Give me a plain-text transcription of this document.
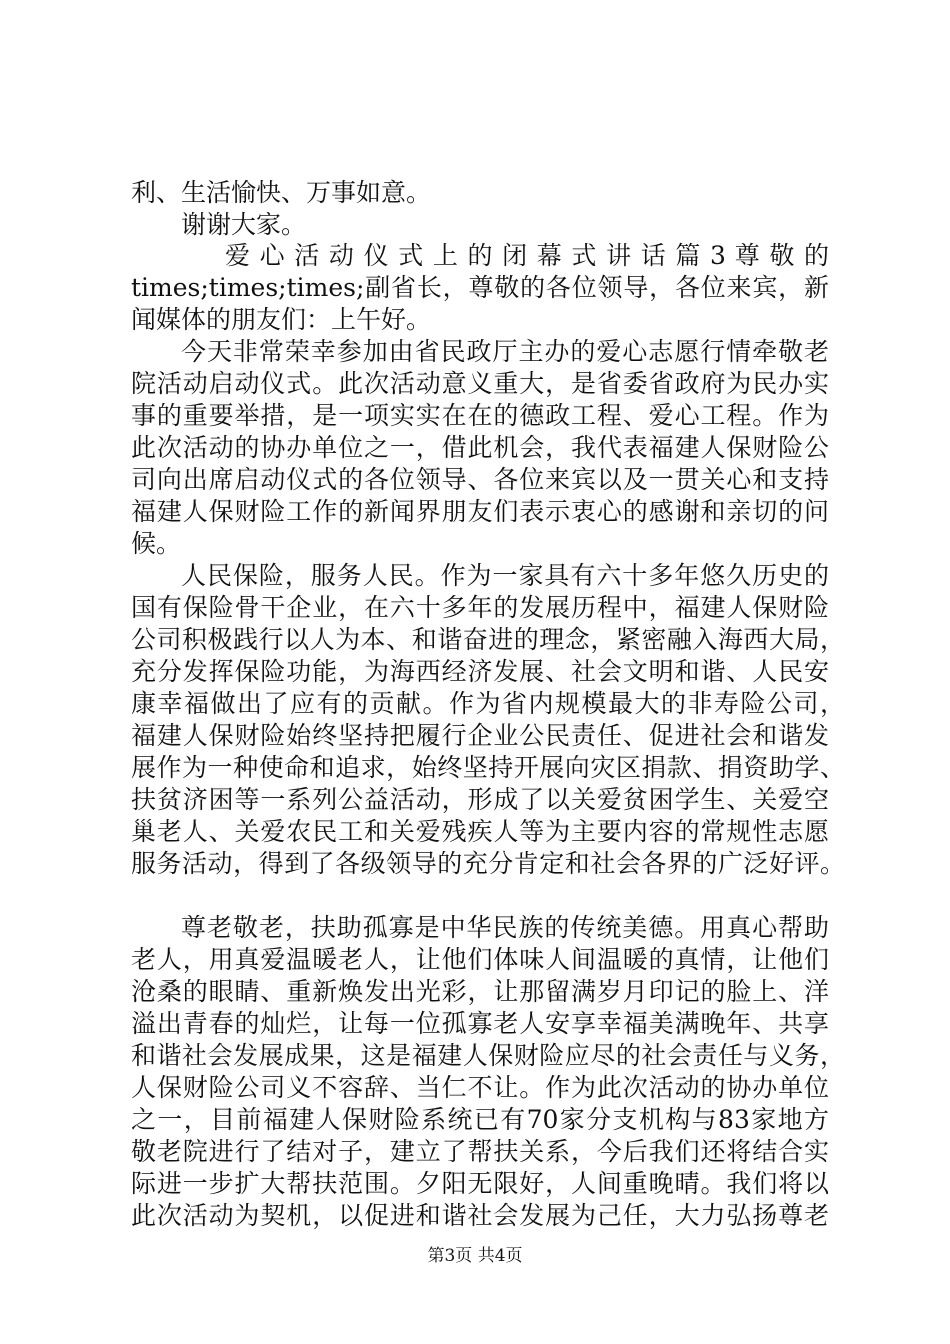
利、生活愉快、万事如意。
谢谢大家。
爱 心 活 动 仪 式 上 的 闭 幕 式 讲 话 篇 3 尊 敬 的
times;times;times;副省长，尊敬的各位领导，各位来宾，新
闻媒体的朋友们：上午好。
今天非常荣幸参加由省民政厅主办的爱心志愿行情牵敬老
院活动启动仪式。此次活动意义重大，是省委省政府为民办实
事的重要举措，是一项实实在在的德政工程、爱心工程。作为
此次活动的协办单位之一，借此机会，我代表福建人保财险公
司向出席启动仪式的各位领导、各位来宾以及一贯关心和支持
福建人保财险工作的新闻界朋友们表示衷心的感谢和亲切的问
候。
人民保险，服务人民。作为一家具有六十多年悠久历史的
国有保险骨干企业，在六十多年的发展历程中，福建人保财险
公司积极践行以人为本、和谐奋进的理念，紧密融入海西大局，
充分发挥保险功能，为海西经济发展、社会文明和谐、人民安
康幸福做出了应有的贡献。作为省内规模最大的非寿险公司，
福建人保财险始终坚持把履行企业公民责任、促进社会和谐发
展作为一种使命和追求，始终坚持开展向灾区捐款、捐资助学、
扶贫济困等一系列公益活动，形成了以关爱贫困学生、关爱空
巢老人、关爱农民工和关爱残疾人等为主要内容的常规性志愿
服务活动，得到了各级领导的充分肯定和社会各界的广泛好评。
尊老敬老，扶助孤寡是中华民族的传统美德。用真心帮助
老人，用真爱温暖老人，让他们体味人间温暖的真情，让他们
沧桑的眼睛、重新焕发出光彩，让那留满岁月印记的脸上、洋
溢出青春的灿烂，让每一位孤寡老人安享幸福美满晚年、共享
和谐社会发展成果，这是福建人保财险应尽的社会责任与义务，
人保财险公司义不容辞、当仁不让。作为此次活动的协办单位
之一，目前福建人保财险系统已有70家分支机构与83家地方
敬老院进行了结对子，建立了帮扶关系，今后我们还将结合实
际进一步扩大帮扶范围。夕阳无限好，人间重晚晴。我们将以
此次活动为契机，以促进和谐社会发展为己任，大力弘扬尊老
第3页 共4页
